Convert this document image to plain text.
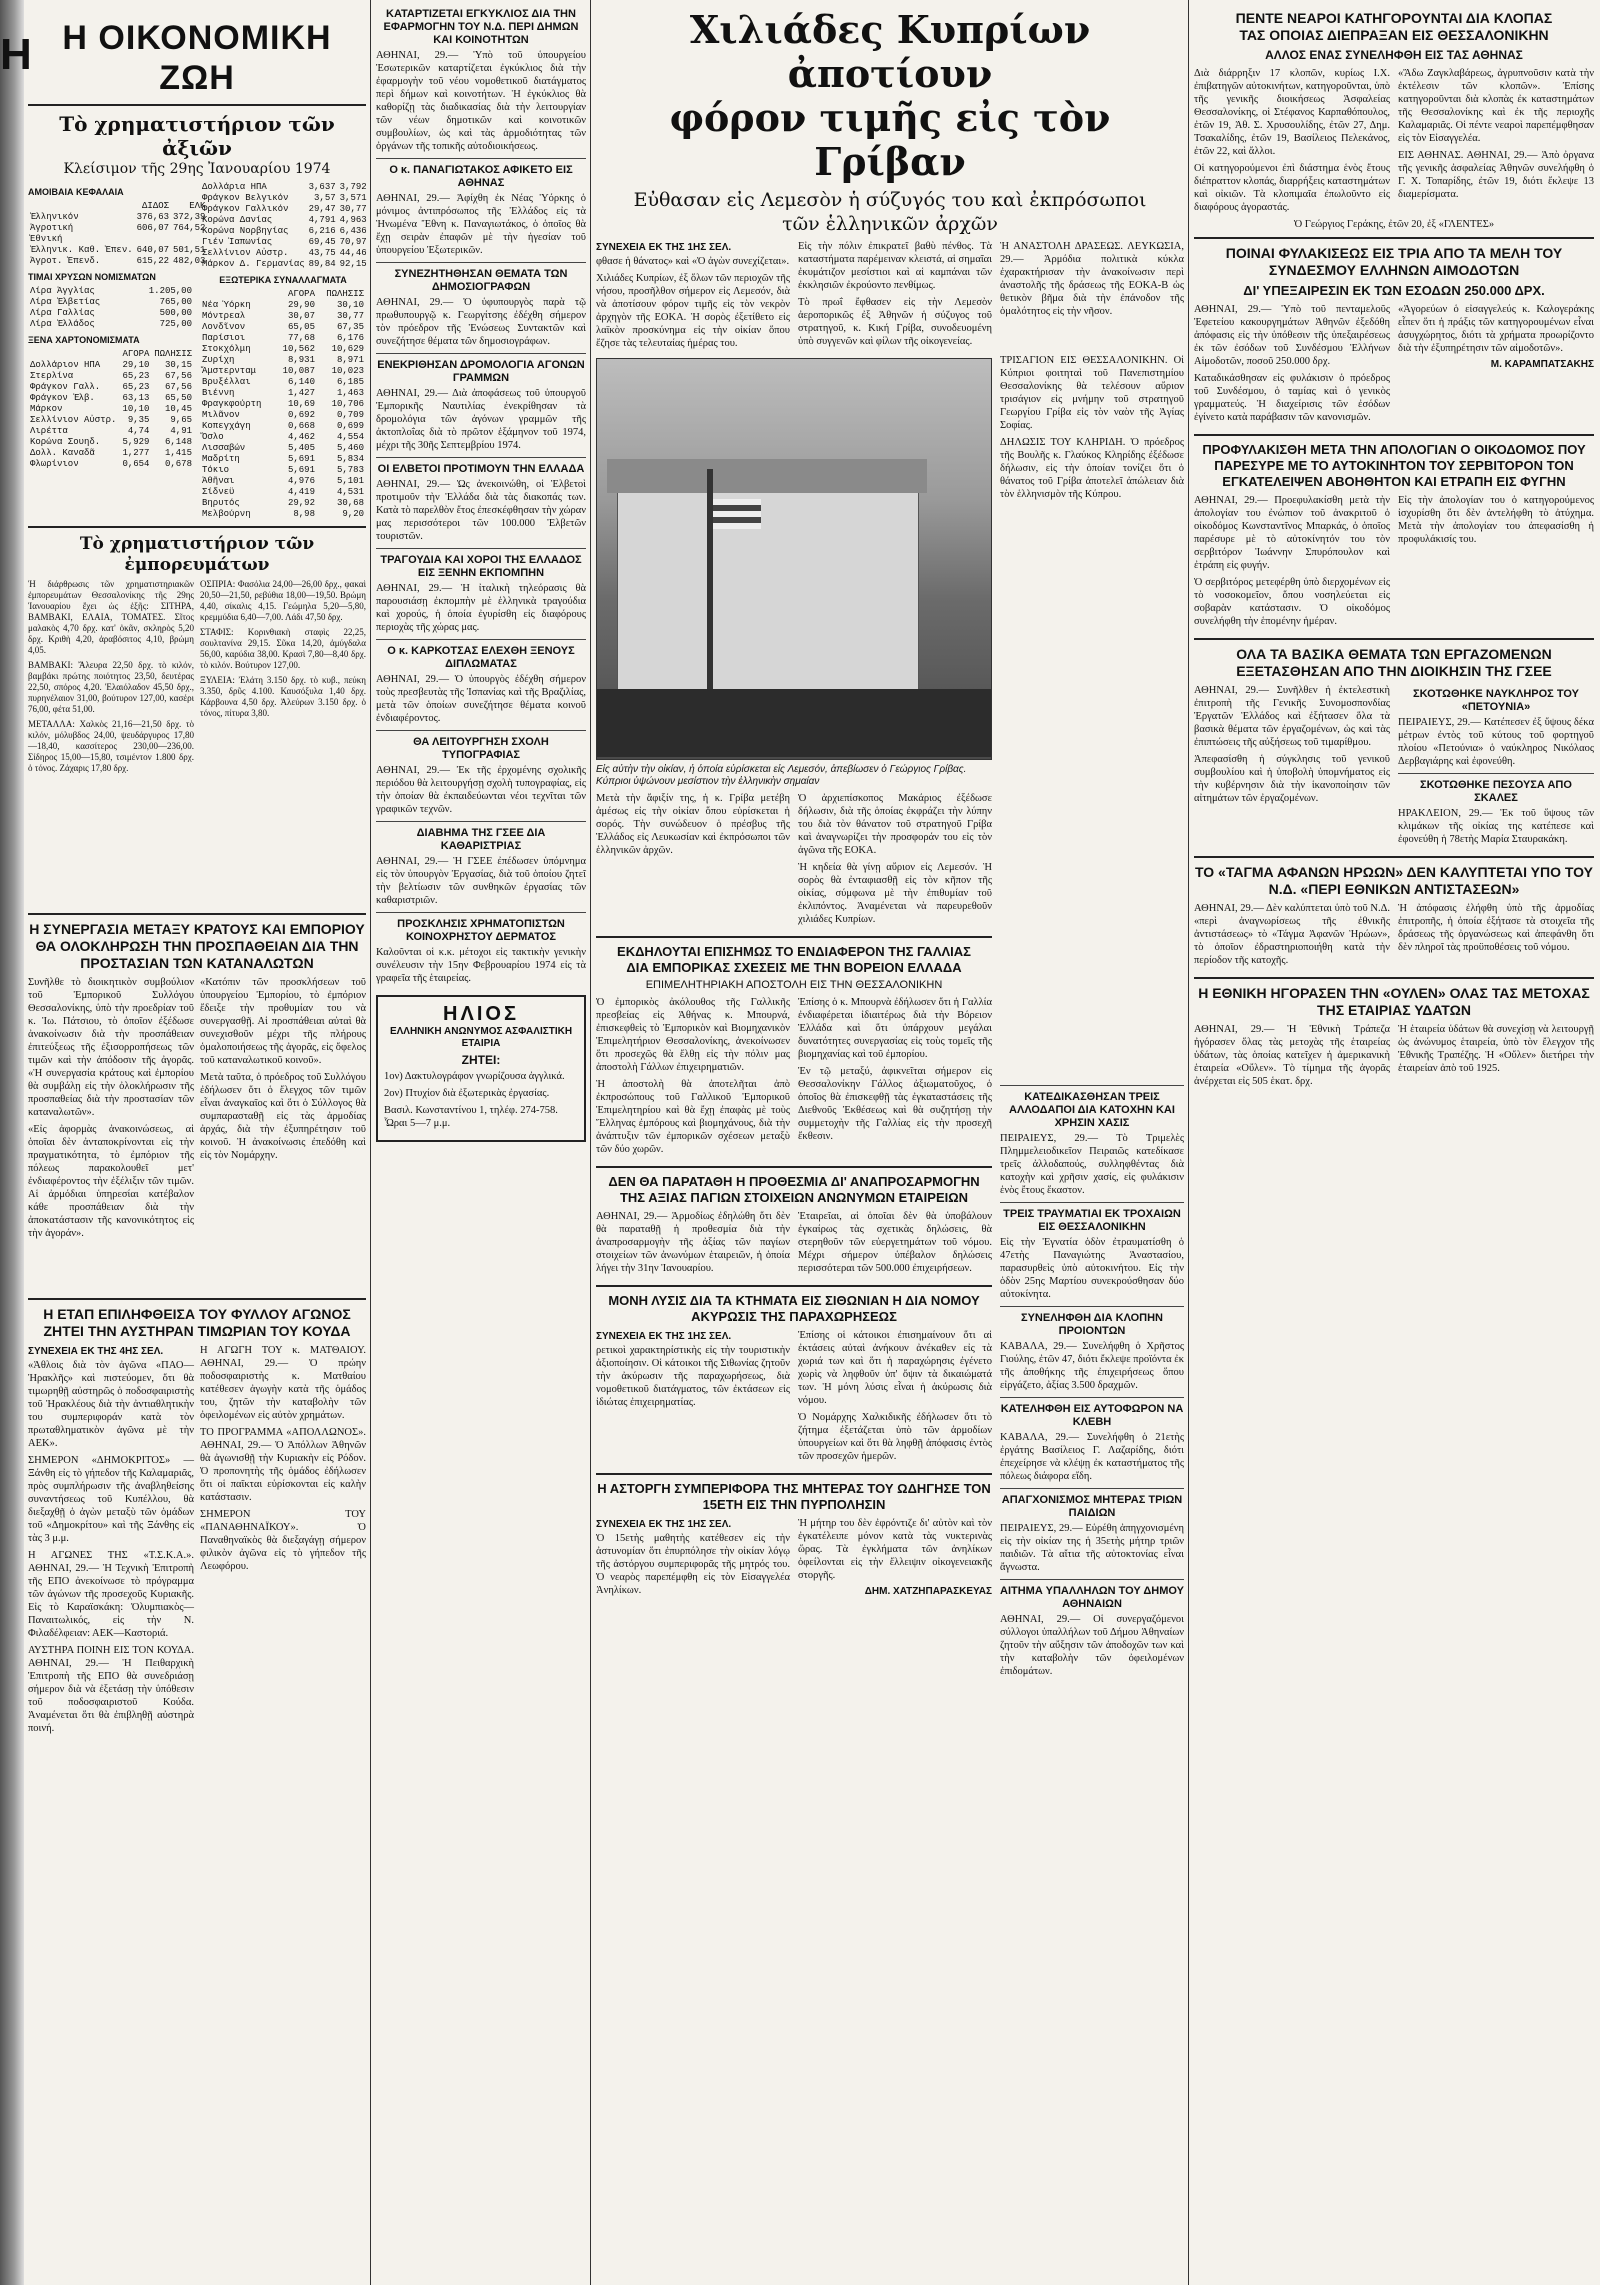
Η Η ΟΙΚΟΝΟΜΙΚΗ ΖΩΗ
Τὸ χρηματιστήριον τῶν ἀξιῶν
Κλείσιμον τῆς 29ης Ἰανουαρίου 1974
ΑΜΟΙΒΑΙΑ ΚΕΦΑΛΑΙΑ
	ΔΙΔΟΣ	ΕΛΚ
Ἑλληνικόν	376,63	372,39
Ἀγροτική	606,07	764,52
Ἐθνική		
Ἑλληνικ. Καθ. Ἐπεν.	640,07	501,51
Ἀγροτ. Ἐπενδ.	615,22	482,03
ΤΙΜΑΙ ΧΡΥΣΩΝ ΝΟΜΙΣΜΑΤΩΝ
Λίρα Ἀγγλίας	1.205,00
Λίρα Ἑλβετίας	765,00
Λίρα Γαλλίας	500,00
Λίρα Ἑλλάδος	725,00
ΞΕΝΑ ΧΑΡΤΟΝΟΜΙΣΜΑΤΑ
	ΑΓΟΡΑ	ΠΩΛΗΣΙΣ
Δολλάριον ΗΠΑ	29,10	30,15
Στερλίνα	65,23	67,56
Φράγκον Γαλλ.	65,23	67,56
Φράγκον Ἑλβ.	63,13	65,50
Μάρκον	10,10	10,45
Σελλίνιον Αὐστρ.	9,35	9,65
Λιρέττα	4,74	4,91
Κορώνα Σουηδ.	5,929	6,148
Δολλ. Καναδᾶ	1,277	1,415
Φλωρίνιον	0,654	0,678
Δολλάρια ΗΠΑ	3,637	3,792
Φράγκον Βελγικόν	3,57	3,571
Φράγκον Γαλλικόν	29,47	30,77
Κορώνα Δανίας	4,791	4,963
Κορώνα Νορβηγίας	6,216	6,436
Γιέν Ἰαπωνίας	69,45	70,97
Σελλίνιον Αὐστρ.	43,75	44,46
Μάρκον Δ. Γερμανίας	89,84	92,15
ΕΞΩΤΕΡΙΚΑ ΣΥΝΑΛΛΑΓΜΑΤΑ
	ΑΓΟΡΑ	ΠΩΛΗΣΙΣ
Νέα Ὑόρκη	29,90	30,10
Μόντρεαλ	30,07	30,77
Λονδῖνον	65,05	67,35
Παρίσιοι	77,68	6,176
Στοκχόλμη	10,562	10,629
Ζυρίχη	8,931	8,971
Ἄμστερνταμ	10,087	10,023
Βρυξέλλαι	6,140	6,185
Βιέννη	1,427	1,463
Φραγκφούρτη	10,69	10,706
Μιλᾶνον	0,692	0,709
Κοπεγχάγη	0,668	0,699
Ὄσλο	4,462	4,554
Λισσαβών	5,405	5,460
Μαδρίτη	5,691	5,834
Τόκιο	5,691	5,783
Ἀθῆναι	4,976	5,101
Σίδνεϋ	4,419	4,531
Βηρυτός	29,92	30,68
Μελβούρνη	8,98	9,20
Τὸ χρηματιστήριον τῶν ἐμπορευμάτων

Ἡ διάρθρωσις τῶν χρηματιστηριακῶν ἐμπορευμάτων Θεσσαλονίκης τῆς 29ης Ἰανουαρίου ἔχει ὡς ἑξῆς: ΣΙΤΗΡΑ, ΒΑΜΒΑΚΙ, ΕΛΑΙΑ, ΤΟΜΑΤΕΣ. Σῖτος μαλακὸς 4,70 δρχ. κατ' ὀκᾶν, σκληρὸς 5,20 δρχ. Κριθὴ 4,20, ἀραβόσιτος 4,10, βρώμη 4,05.

ΒΑΜΒΑΚΙ: Ἄλευρα 22,50 δρχ. τὸ κιλόν, βαμβάκι πρώτης ποιότητος 23,50, δευτέρας 22,50, σπόρος 4,20. Ἐλαιόλαδον 45,50 δρχ., πυρηνέλαιον 31,00, βούτυρον 127,00, κασέρι 76,00, φέτα 51,00.

ΜΕΤΑΛΛΑ: Χαλκὸς 21,16—21,50 δρχ. τὸ κιλόν, μόλυβδος 24,00, ψευδάργυρος 17,80—18,40, κασσίτερος 230,00—236,00. Σίδηρος 15,00—15,80, τσιμέντον 1.800 δρχ. ὁ τόνος. Ζάχαρις 17,80 δρχ.

ΟΣΠΡΙΑ: Φασόλια 24,00—26,00 δρχ., φακαὶ 20,50—21,50, ρεβύθια 18,00—19,50. Βρώμη 4,40, σίκαλις 4,15. Γεώμηλα 5,20—5,80, κρεμμύδια 6,40—7,00. Λάδι 47,50 δρχ.

ΣΤΑΦΙΣ: Κορινθιακὴ σταφὶς 22,25, σουλτανίνα 29,15. Σῦκα 14,20, ἀμύγδαλα 56,00, καρύδια 38,00. Κρασὶ 7,80—8,40 δρχ. τὸ κιλόν. Βούτυρον 127,00.

ΞΥΛΕΙΑ: Ἐλάτη 3.150 δρχ. τὸ κυβ., πεύκη 3.350, δρῦς 4.100. Καυσόξυλα 1,40 δρχ. Κάρβουνα 4,50 δρχ. Ἀλεύρων 3.150 δρχ. ὁ τόνος, πίτυρα 3,80.

Η ΣΥΝΕΡΓΑΣΙΑ ΜΕΤΑΞΥ ΚΡΑΤΟΥΣ ΚΑΙ ΕΜΠΟΡΙΟΥ ΘΑ ΟΛΟΚΛΗΡΩΣΗ ΤΗΝ ΠΡΟΣΠΑΘΕΙΑΝ ΔΙΑ ΤΗΝ ΠΡΟΣΤΑΣΙΑΝ ΤΩΝ ΚΑΤΑΝΑΛΩΤΩΝ

Συνῆλθε τὸ διοικητικὸν συμβούλιον τοῦ Ἐμπορικοῦ Συλλόγου Θεσσαλονίκης, ὑπὸ τὴν προεδρίαν τοῦ κ. Ἰω. Πάτσιου, τὸ ὁποῖον ἐξέδωσε ἀνακοίνωσιν διὰ τὴν προσπάθειαν ἐπιτεύξεως τῆς ἐξισορροπήσεως τῶν τιμῶν καὶ τὴν ἀπόδοσιν τῆς ἀγορᾶς. «Ἡ συνεργασία κράτους καὶ ἐμπορίου θὰ συμβάλῃ εἰς τὴν ὀλοκλήρωσιν τῆς προσπαθείας διὰ τὴν προστασίαν τῶν καταναλωτῶν».

«Εἰς ἀφορμὰς ἀνακοινώσεως, αἱ ὁποῖαι δὲν ἀνταποκρίνονται εἰς τὴν πραγματικότητα, τὸ ἐμπόριον τῆς πόλεως παρακολουθεῖ μετ' ἐνδιαφέροντος τὴν ἐξέλιξιν τῶν τιμῶν. Αἱ ἀρμόδιαι ὑπηρεσίαι κατέβαλον κάθε προσπάθειαν διὰ τὴν ἀποκατάστασιν τῆς κανονικότητος εἰς τὴν ἀγοράν».

«Κατόπιν τῶν προσκλήσεων τοῦ ὑπουργείου Ἐμπορίου, τὸ ἐμπόριον ἔδειξε τὴν προθυμίαν του νὰ συνεργασθῇ. Αἱ προσπάθειαι αὐταὶ θὰ συνεχισθοῦν μέχρι τῆς πλήρους ὁμαλοποιήσεως τῆς ἀγορᾶς, εἰς ὄφελος τοῦ καταναλωτικοῦ κοινοῦ».

Μετὰ ταῦτα, ὁ πρόεδρος τοῦ Συλλόγου ἐδήλωσεν ὅτι ὁ ἔλεγχος τῶν τιμῶν εἶναι ἀναγκαῖος καὶ ὅτι ὁ Σύλλογος θὰ συμπαρασταθῇ εἰς τὰς ἀρμοδίας ἀρχάς, διὰ τὴν ἐξυπηρέτησιν τοῦ κοινοῦ. Ἡ ἀνακοίνωσις ἐπεδόθη καὶ εἰς τὸν Νομάρχην.

Η ΕΤΑΠ ΕΠΙΛΗΦΘΕΙΣΑ ΤΟΥ ΦΥΛΛΟΥ ΑΓΩΝΟΣ ΖΗΤΕΙ ΤΗΝ ΑΥΣΤΗΡΑΝ ΤΙΜΩΡΙΑΝ ΤΟΥ ΚΟΥΔΑ
ΣΥΝΕΧΕΙΑ ΕΚ ΤΗΣ 4ΗΣ ΣΕΛ.

«Ἀθλοις διὰ τὸν ἀγῶνα «ΠΑΟ—Ἠρακλῆς» καὶ πιστεύομεν, ὅτι θὰ τιμωρηθῇ αὐστηρῶς ὁ ποδοσφαιριστὴς τοῦ Ἠρακλέους διὰ τὴν ἀντιαθλητικὴν του συμπεριφοράν κατὰ τὸν πρωταθληματικὸν ἀγῶνα μὲ τὴν ΑΕΚ».

ΣΗΜΕΡΟΝ «ΔΗΜΟΚΡΙΤΟΣ» — Ξάνθη εἰς τὸ γήπεδον τῆς Καλαμαριᾶς, πρὸς συμπλήρωσιν τῆς ἀναβληθείσης συναντήσεως τοῦ Κυπέλλου, θὰ διεξαχθῇ ὁ ἀγὼν μεταξὺ τῶν ὁμάδων τοῦ «Δημοκρίτου» καὶ τῆς Ξάνθης εἰς τὰς 3 μ.μ.

Η ΑΓΩΝΕΣ ΤΗΣ «Τ.Σ.Κ.Α.». ΑΘΗΝΑΙ, 29.— Ἡ Τεχνικὴ Ἐπιτροπὴ τῆς ΕΠΟ ἀνεκοίνωσε τὸ πρόγραμμα τῶν ἀγώνων τῆς προσεχοῦς Κυριακῆς. Εἰς τὸ Καραϊσκάκη: Ὀλυμπιακὸς—Παναιτωλικός, εἰς τὴν Ν. Φιλαδέλφειαν: ΑΕΚ—Καστοριά.

ΑΥΣΤΗΡΑ ΠΟΙΝΗ ΕΙΣ ΤΟΝ ΚΟΥΔΑ. ΑΘΗΝΑΙ, 29.— Ἡ Πειθαρχικὴ Ἐπιτροπὴ τῆς ΕΠΟ θὰ συνεδριάσῃ σήμερον διὰ νὰ ἐξετάσῃ τὴν ὑπόθεσιν τοῦ ποδοσφαιριστοῦ Κούδα. Ἀναμένεται ὅτι θὰ ἐπιβληθῇ αὐστηρὰ ποινή.

Η ΑΓΩΓΗ ΤΟΥ κ. ΜΑΤΘΑΙΟΥ. ΑΘΗΝΑΙ, 29.— Ὁ πρώην ποδοσφαιριστὴς κ. Ματθαίου κατέθεσεν ἀγωγὴν κατὰ τῆς ὁμάδος του, ζητῶν τὴν καταβολὴν τῶν ὀφειλομένων εἰς αὐτὸν χρημάτων.

ΤΟ ΠΡΟΓΡΑΜΜΑ «ΑΠΟΛΛΩΝΟΣ». ΑΘΗΝΑΙ, 29.— Ὁ Ἀπόλλων Ἀθηνῶν θὰ ἀγωνισθῇ τὴν Κυριακὴν εἰς Ρόδον. Ὁ προπονητὴς τῆς ὁμάδος ἐδήλωσεν ὅτι οἱ παῖκται εὑρίσκονται εἰς καλὴν κατάστασιν.

ΣΗΜΕΡΟΝ ΤΟΥ «ΠΑΝΑΘΗΝΑΪΚΟΥ». Ὁ Παναθηναϊκὸς θὰ διεξαγάγῃ σήμερον φιλικὸν ἀγῶνα εἰς τὸ γήπεδον τῆς Λεωφόρου.

ΚΑΤΑΡΤΙΖΕΤΑΙ ΕΓΚΥΚΛΙΟΣ ΔΙΑ ΤΗΝ ΕΦΑΡΜΟΓΗΝ ΤΟΥ Ν.Δ. ΠΕΡΙ ΔΗΜΩΝ ΚΑΙ ΚΟΙΝΟΤΗΤΩΝ

ΑΘΗΝΑΙ, 29.— Ὑπὸ τοῦ ὑπουργείου Ἐσωτερικῶν καταρτίζεται ἐγκύκλιος διὰ τὴν ἐφαρμογὴν τοῦ νέου νομοθετικοῦ διατάγματος περὶ δήμων καὶ κοινοτήτων. Ἡ ἐγκύκλιος θὰ καθορίζῃ τὰς διαδικασίας διὰ τὴν λειτουργίαν τῶν νέων δημοτικῶν καὶ κοινοτικῶν συμβουλίων, ὡς καὶ τὰς ἁρμοδιότητας τῶν ὀργάνων τῆς τοπικῆς αὐτοδιοικήσεως.

Ο κ. ΠΑΝΑΓΙΩΤΑΚΟΣ ΑΦΙΚΕΤΟ ΕΙΣ ΑΘΗΝΑΣ

ΑΘΗΝΑΙ, 29.— Ἀφίχθη ἐκ Νέας Ὑόρκης ὁ μόνιμος ἀντιπρόσωπος τῆς Ἑλλάδος εἰς τὰ Ἡνωμένα Ἔθνη κ. Παναγιωτάκος, ὁ ὁποῖος θὰ ἔχῃ σειρὰν ἐπαφῶν μὲ τὴν ἡγεσίαν τοῦ ὑπουργείου Ἐξωτερικῶν.

ΣΥΝΕΖΗΤΗΘΗΣΑΝ ΘΕΜΑΤΑ ΤΩΝ ΔΗΜΟΣΙΟΓΡΑΦΩΝ

ΑΘΗΝΑΙ, 29.— Ὁ ὑφυπουργὸς παρὰ τῷ πρωθυπουργῷ κ. Γεωργίτσης ἐδέχθη σήμερον τὸν πρόεδρον τῆς Ἑνώσεως Συντακτῶν καὶ συνεζήτησε θέματα τῶν δημοσιογράφων.

ΕΝΕΚΡΙΘΗΣΑΝ ΔΡΟΜΟΛΟΓΙΑ ΑΓΟΝΩΝ ΓΡΑΜΜΩΝ

ΑΘΗΝΑΙ, 29.— Διὰ ἀποφάσεως τοῦ ὑπουργοῦ Ἐμπορικῆς Ναυτιλίας ἐνεκρίθησαν τὰ δρομολόγια τῶν ἀγόνων γραμμῶν τῆς ἀκτοπλοΐας διὰ τὸ πρῶτον ἑξάμηνον τοῦ 1974, μέχρι τῆς 30ῆς Σεπτεμβρίου 1974.

ΟΙ ΕΛΒΕΤΟΙ ΠΡΟΤΙΜΟΥΝ ΤΗΝ ΕΛΛΑΔΑ

ΑΘΗΝΑΙ, 29.— Ὡς ἀνεκοινώθη, οἱ Ἑλβετοὶ προτιμοῦν τὴν Ἑλλάδα διὰ τὰς διακοπάς των. Κατὰ τὸ παρελθὸν ἔτος ἐπεσκέφθησαν τὴν χώραν μας περισσότεροι τῶν 100.000 Ἑλβετῶν τουριστῶν.

ΤΡΑΓΟΥΔΙΑ ΚΑΙ ΧΟΡΟΙ ΤΗΣ ΕΛΛΑΔΟΣ ΕΙΣ ΞΕΝΗΝ ΕΚΠΟΜΠΗΝ

ΑΘΗΝΑΙ, 29.— Ἡ ἰταλικὴ τηλεόρασις θὰ παρουσιάσῃ ἐκπομπὴν μὲ ἑλληνικὰ τραγούδια καὶ χορούς, ἡ ὁποία ἐγυρίσθη εἰς διαφόρους περιοχὰς τῆς χώρας μας.

Ο κ. ΚΑΡΚΟΤΣΑΣ ΕΛΕΧΘΗ ΞΕΝΟΥΣ ΔΙΠΛΩΜΑΤΑΣ

ΑΘΗΝΑΙ, 29.— Ὁ ὑπουργὸς ἐδέχθη σήμερον τοὺς πρεσβευτὰς τῆς Ἰσπανίας καὶ τῆς Βραζιλίας, μετὰ τῶν ὁποίων συνεζήτησε θέματα κοινοῦ ἐνδιαφέροντος.

ΘΑ ΛΕΙΤΟΥΡΓΗΣΗ ΣΧΟΛΗ ΤΥΠΟΓΡΑΦΙΑΣ

ΑΘΗΝΑΙ, 29.— Ἐκ τῆς ἐρχομένης σχολικῆς περιόδου θὰ λειτουργήσῃ σχολὴ τυπογραφίας, εἰς τὴν ὁποίαν θὰ ἐκπαιδεύωνται νέοι τεχνῖται τῶν γραφικῶν τεχνῶν.

ΔΙΑΒΗΜΑ ΤΗΣ ΓΣΕΕ ΔΙΑ ΚΑΘΑΡΙΣΤΡΙΑΣ

ΑΘΗΝΑΙ, 29.— Ἡ ΓΣΕΕ ἐπέδωσεν ὑπόμνημα εἰς τὸν ὑπουργὸν Ἐργασίας, διὰ τοῦ ὁποίου ζητεῖ τὴν βελτίωσιν τῶν συνθηκῶν ἐργασίας τῶν καθαριστριῶν.

ΠΡΟΣΚΛΗΣΙΣ ΧΡΗΜΑΤΟΠΙΣΤΩΝ ΚΟΙΝΟΧΡΗΣΤΟΥ ΔΕΡΜΑΤΟΣ

Καλοῦνται οἱ κ.κ. μέτοχοι εἰς τακτικὴν γενικὴν συνέλευσιν τὴν 15ην Φεβρουαρίου 1974 εἰς τὰ γραφεῖα τῆς ἑταιρείας.

ΗΛΙΟΣ
ΕΛΛΗΝΙΚΗ ΑΝΩΝΥΜΟΣ ΑΣΦΑΛΙΣΤΙΚΗ ΕΤΑΙΡΙΑ
ΖΗΤΕΙ:

1ον) Δακτυλογράφον γνωρίζουσα ἀγγλικά.

2ον) Πτυχίον διὰ ἐξωτερικὰς ἐργασίας.

Βασιλ. Κωνσταντίνου 1, τηλέφ. 274-758. Ὧραι 5—7 μ.μ.

Χιλιάδες Κυπρίων ἀποτίουν
φόρον τιμῆς εἰς τὸν Γρίβαν
Εὐθασαν εἰς Λεμεσὸν ἡ σύζυγός του καὶ ἐκπρόσωποι τῶν ἑλληνικῶν ἀρχῶν
ΣΥΝΕΧΕΙΑ ΕΚ ΤΗΣ 1ΗΣ ΣΕΛ.

φθασε ἡ θάνατος» καὶ «Ὁ ἀγὼν συνεχίζεται».

Χιλιάδες Κυπρίων, ἐξ ὅλων τῶν περιοχῶν τῆς νήσου, προσῆλθον σήμερον εἰς Λεμεσόν, διὰ νὰ ἀποτίσουν φόρον τιμῆς εἰς τὸν νεκρὸν ἀρχηγὸν τῆς ΕΟΚΑ. Ἡ σορὸς ἐξετίθετο εἰς λαϊκὸν προσκύνημα εἰς τὴν οἰκίαν ὅπου ἔζησε τὰς τελευταίας ἡμέρας του.

Εἰς τὴν πόλιν ἐπικρατεῖ βαθὺ πένθος. Τὰ καταστήματα παρέμειναν κλειστά, αἱ σημαῖαι ἐκυμάτιζον μεσίστιοι καὶ αἱ καμπάναι τῶν ἐκκλησιῶν ἐκρούοντο πενθίμως.

Τὸ πρωΐ ἔφθασεν εἰς τὴν Λεμεσὸν ἀεροπορικῶς ἐξ Ἀθηνῶν ἡ σύζυγος τοῦ στρατηγοῦ, κ. Κική Γρίβα, συνοδευομένη ὑπὸ συγγενῶν καὶ φίλων τῆς οἰκογενείας.

Ἡ ΑΝΑΣΤΟΛΗ ΔΡΑΣΕΩΣ. ΛΕΥΚΩΣΙΑ, 29.— Ἀρμόδια πολιτικὰ κύκλα ἐχαρακτήρισαν τὴν ἀνακοίνωσιν περὶ ἀναστολῆς τῆς δράσεως τῆς ΕΟΚΑ-Β ὡς θετικὸν βῆμα διὰ τὴν ἐπάνοδον τῆς ὁμαλότητος εἰς τὴν νῆσον.

Εἰς αὐτὴν τὴν οἰκίαν, ἡ ὁποία εὑρίσκεται εἰς Λεμεσόν, ἀπεβίωσεν ὁ Γεώργιος Γρίβας. Κύπριοι ὑψώνουν μεσίστιον τὴν ἑλληνικὴν σημαίαν

Μετὰ τὴν ἄφιξίν της, ἡ κ. Γρίβα μετέβη ἀμέσως εἰς τὴν οἰκίαν ὅπου εὑρίσκεται ἡ σορός. Τὴν συνώδευον ὁ πρέσβυς τῆς Ἑλλάδος εἰς Λευκωσίαν καὶ ἐκπρόσωποι τῶν ἑλληνικῶν ἀρχῶν.

Ὁ ἀρχιεπίσκοπος Μακάριος ἐξέδωσε δήλωσιν, διὰ τῆς ὁποίας ἐκφράζει τὴν λύπην του διὰ τὸν θάνατον τοῦ στρατηγοῦ Γρίβα καὶ ἀναγνωρίζει τὴν προσφοράν του εἰς τὸν ἀγῶνα τῆς ΕΟΚΑ.

Ἡ κηδεία θὰ γίνῃ αὔριον εἰς Λεμεσόν. Ἡ σορὸς θὰ ἐνταφιασθῇ εἰς τὸν κῆπον τῆς οἰκίας, σύμφωνα μὲ τὴν ἐπιθυμίαν τοῦ ἐκλιπόντος. Ἀναμένεται νὰ παρευρεθοῦν χιλιάδες Κυπρίων.

ΤΡΙΣΑΓΙΟΝ ΕΙΣ ΘΕΣΣΑΛΟΝΙΚΗΝ. Οἱ Κύπριοι φοιτηταὶ τοῦ Πανεπιστημίου Θεσσαλονίκης θὰ τελέσουν αὔριον τρισάγιον εἰς μνήμην τοῦ στρατηγοῦ Γεωργίου Γρίβα εἰς τὸν ναὸν τῆς Ἁγίας Σοφίας.

ΔΗΛΩΣΙΣ ΤΟΥ ΚΛΗΡΙΔΗ. Ὁ πρόεδρος τῆς Βουλῆς κ. Γλαύκος Κληρίδης ἐξέδωσε δήλωσιν, εἰς τὴν ὁποίαν τονίζει ὅτι ὁ θάνατος τοῦ Γρίβα ἀποτελεῖ ἀπώλειαν διὰ τὸν ἑλληνισμὸν τῆς Κύπρου.

ΕΚΔΗΛΟΥΤΑΙ ΕΠΙΣΗΜΩΣ ΤΟ ΕΝΔΙΑΦΕΡΟΝ ΤΗΣ ΓΑΛΛΙΑΣ
ΔΙΑ ΕΜΠΟΡΙΚΑΣ ΣΧΕΣΕΙΣ ΜΕ ΤΗΝ ΒΟΡΕΙΟΝ ΕΛΛΑΔΑ
ΕΠΙΜΕΛΗΤΗΡΙΑΚΗ ΑΠΟΣΤΟΛΗ ΕΙΣ ΤΗΝ ΘΕΣΣΑΛΟΝΙΚΗΝ

Ὁ ἐμπορικὸς ἀκόλουθος τῆς Γαλλικῆς πρεσβείας εἰς Ἀθήνας κ. Μπουρνά, ἐπισκεφθεὶς τὸ Ἐμπορικὸν καὶ Βιομηχανικὸν Ἐπιμελητήριον Θεσσαλονίκης, ἀνεκοίνωσεν ὅτι προσεχῶς θὰ ἔλθῃ εἰς τὴν πόλιν μας ἀποστολὴ Γάλλων ἐπιχειρηματιῶν.

Ἡ ἀποστολὴ θὰ ἀποτελῆται ἀπὸ ἐκπροσώπους τοῦ Γαλλικοῦ Ἐμπορικοῦ Ἐπιμελητηρίου καὶ θὰ ἔχῃ ἐπαφὰς μὲ τοὺς Ἕλληνας ἐμπόρους καὶ βιομηχάνους, διὰ τὴν ἀνάπτυξιν τῶν ἐμπορικῶν σχέσεων μεταξὺ τῶν δύο χωρῶν.

Ἐπίσης ὁ κ. Μπουρνὰ ἐδήλωσεν ὅτι ἡ Γαλλία ἐνδιαφέρεται ἰδιαιτέρως διὰ τὴν Βόρειον Ἑλλάδα καὶ ὅτι ὑπάρχουν μεγάλαι δυνατότητες συνεργασίας εἰς τοὺς τομεῖς τῆς βιομηχανίας καὶ τοῦ ἐμπορίου.

Ἐν τῷ μεταξύ, ἀφικνεῖται σήμερον εἰς Θεσσαλονίκην Γάλλος ἀξιωματοῦχος, ὁ ὁποῖος θὰ ἐπισκεφθῇ τὰς ἐγκαταστάσεις τῆς Διεθνοῦς Ἐκθέσεως καὶ θὰ συζητήσῃ τὴν συμμετοχὴν τῆς Γαλλίας εἰς τὴν προσεχῆ ἔκθεσιν.

ΔΕΝ ΘΑ ΠΑΡΑΤΑΘΗ Η ΠΡΟΘΕΣΜΙΑ ΔΙ' ΑΝΑΠΡΟΣΑΡΜΟΓΗΝ ΤΗΣ ΑΞΙΑΣ ΠΑΓΙΩΝ ΣΤΟΙΧΕΙΩΝ ΑΝΩΝΥΜΩΝ ΕΤΑΙΡΕΙΩΝ

ΑΘΗΝΑΙ, 29.— Ἀρμοδίως ἐδηλώθη ὅτι δὲν θὰ παραταθῇ ἡ προθεσμία διὰ τὴν ἀναπροσαρμογὴν τῆς ἀξίας τῶν παγίων στοιχείων τῶν ἀνωνύμων ἑταιρειῶν, ἡ ὁποία λήγει τὴν 31ην Ἰανουαρίου.

Ἑταιρεῖαι, αἱ ὁποῖαι δὲν θὰ ὑποβάλουν ἐγκαίρως τὰς σχετικὰς δηλώσεις, θὰ στερηθοῦν τῶν εὐεργετημάτων τοῦ νόμου. Μέχρι σήμερον ὑπέβαλον δηλώσεις περισσότεραι τῶν 500.000 ἐπιχειρήσεων.

ΜΟΝΗ ΛΥΣΙΣ ΔΙΑ ΤΑ ΚΤΗΜΑΤΑ ΕΙΣ ΣΙΘΩΝΙΑΝ Η ΔΙΑ ΝΟΜΟΥ ΑΚΥΡΩΣΙΣ ΤΗΣ ΠΑΡΑΧΩΡΗΣΕΩΣ
ΣΥΝΕΧΕΙΑ ΕΚ ΤΗΣ 1ΗΣ ΣΕΛ.

ρετικοὶ χαρακτηρίστικὴς εἰς τὴν τουριστικὴν ἀξιοποίησιν. Οἱ κάτοικοι τῆς Σιθωνίας ζητοῦν τὴν ἀκύρωσιν τῆς παραχωρήσεως, διὰ νομοθετικοῦ διατάγματος, τῶν ἐκτάσεων εἰς ἰδιώτας ἐπιχειρηματίας.

Ἐπίσης οἱ κάτοικοι ἐπισημαίνουν ὅτι αἱ ἐκτάσεις αὐταὶ ἀνήκουν ἀνέκαθεν εἰς τὰ χωριά των καὶ ὅτι ἡ παραχώρησις ἐγένετο χωρὶς νὰ ληφθοῦν ὑπ' ὄψιν τὰ δικαιώματά των. Ἡ μόνη λύσις εἶναι ἡ ἀκύρωσις διὰ νόμου.

Ὁ Νομάρχης Χαλκιδικῆς ἐδήλωσεν ὅτι τὸ ζήτημα ἐξετάζεται ὑπὸ τῶν ἀρμοδίων ὑπουργείων καὶ ὅτι θὰ ληφθῇ ἀπόφασις ἐντὸς τῶν προσεχῶν ἡμερῶν.

Η ΑΣΤΟΡΓΗ ΣΥΜΠΕΡΙΦΟΡΑ ΤΗΣ ΜΗΤΕΡΑΣ ΤΟΥ ΩΔΗΓΗΣΕ ΤΟΝ 15ΕΤΗ ΕΙΣ ΤΗΝ ΠΥΡΠΟΛΗΣΙΝ
ΣΥΝΕΧΕΙΑ ΕΚ ΤΗΣ 1ΗΣ ΣΕΛ.

Ὁ 15ετὴς μαθητὴς κατέθεσεν εἰς τὴν ἀστυνομίαν ὅτι ἐπυρπόλησε τὴν οἰκίαν λόγῳ τῆς ἀστόργου συμπεριφορᾶς τῆς μητρός του. Ὁ νεαρὸς παρεπέμφθη εἰς τὸν Εἰσαγγελέα Ἀνηλίκων.

Ἡ μήτηρ του δὲν ἐφρόντιζε δι' αὐτὸν καὶ τὸν ἐγκατέλειπε μόνον κατὰ τὰς νυκτερινὰς ὥρας. Τὰ ἐγκλήματα τῶν ἀνηλίκων ὀφείλονται εἰς τὴν ἔλλειψιν οἰκογενειακῆς στοργῆς.

ΔΗΜ. ΧΑΤΖΗΠΑΡΑΣΚΕΥΑΣ
ΚΑΤΕΔΙΚΑΣΘΗΣΑΝ ΤΡΕΙΣ ΑΛΛΟΔΑΠΟΙ ΔΙΑ ΚΑΤΟΧΗΝ ΚΑΙ ΧΡΗΣΙΝ ΧΑΣΙΣ

ΠΕΙΡΑΙΕΥΣ, 29.— Τὸ Τριμελὲς Πλημμελειοδικεῖον Πειραιῶς κατεδίκασε τρεῖς ἀλλοδαπούς, συλληφθέντας διὰ κατοχὴν καὶ χρῆσιν χασίς, εἰς φυλάκισιν ἑνὸς ἔτους ἕκαστον.

ΤΡΕΙΣ ΤΡΑΥΜΑΤΙΑΙ ΕΚ ΤΡΟΧΑΙΩΝ ΕΙΣ ΘΕΣΣΑΛΟΝΙΚΗΝ

Εἰς τὴν Ἐγνατία ὁδὸν ἐτραυματίσθη ὁ 47ετὴς Παναγιώτης Ἀναστασίου, παρασυρθεὶς ὑπὸ αὐτοκινήτου. Εἰς τὴν ὁδὸν 25ης Μαρτίου συνεκρούσθησαν δύο αὐτοκίνητα.

ΣΥΝΕΛΗΦΘΗ ΔΙΑ ΚΛΟΠΗΝ ΠΡΟΙΟΝΤΩΝ

ΚΑΒΑΛΑ, 29.— Συνελήφθη ὁ Χρῆστος Γιούλης, ἐτῶν 47, διότι ἔκλεψε προϊόντα ἐκ τῆς ἀποθήκης τῆς ἐπιχειρήσεως ὅπου εἰργάζετο, ἀξίας 3.500 δραχμῶν.

ΚΑΤΕΛΗΦΘΗ ΕΙΣ ΑΥΤΟΦΩΡΟΝ ΝΑ ΚΛΕΒΗ

ΚΑΒΑΛΑ, 29.— Συνελήφθη ὁ 21ετὴς ἐργάτης Βασίλειος Γ. Λαζαρίδης, διότι ἐπεχείρησε νὰ κλέψῃ ἐκ καταστήματος τῆς πόλεως διάφορα εἴδη.

ΑΠΑΓΧΟΝΙΣΜΟΣ ΜΗΤΕΡΑΣ ΤΡΙΩΝ ΠΑΙΔΙΩΝ

ΠΕΙΡΑΙΕΥΣ, 29.— Εὑρέθη ἀπηγχονισμένη εἰς τὴν οἰκίαν της ἡ 35ετὴς μήτηρ τριῶν παιδιῶν. Τὰ αἴτια τῆς αὐτοκτονίας εἶναι ἄγνωστα.

ΑΙΤΗΜΑ ΥΠΑΛΛΗΛΩΝ ΤΟΥ ΔΗΜΟΥ ΑΘΗΝΑΙΩΝ

ΑΘΗΝΑΙ, 29.— Οἱ συνεργαζόμενοι σύλλογοι ὑπαλλήλων τοῦ Δήμου Ἀθηναίων ζητοῦν τὴν αὔξησιν τῶν ἀποδοχῶν των καὶ τὴν καταβολὴν τῶν ὀφειλομένων ἐπιδομάτων.

ΠΕΝΤΕ ΝΕΑΡΟΙ ΚΑΤΗΓΟΡΟΥΝΤΑΙ ΔΙΑ ΚΛΟΠΑΣ
ΤΑΣ ΟΠΟΙΑΣ ΔΙΕΠΡΑΞΑΝ ΕΙΣ ΘΕΣΣΑΛΟΝΙΚΗΝ
ΑΛΛΟΣ ΕΝΑΣ ΣΥΝΕΛΗΦΘΗ ΕΙΣ ΤΑΣ ΑΘΗΝΑΣ

Διὰ διάρρηξιν 17 κλοπῶν, κυρίως Ι.Χ. ἐπιβατηγῶν αὐτοκινήτων, κατηγοροῦνται, ὑπὸ τῆς γενικῆς διοικήσεως Ἀσφαλείας Θεσσαλονίκης, οἱ Στέφανος Καρπαθόπουλος, ἐτῶν 19, Ἀθ. Σ. Χρυσουλίδης, ἐτῶν 27, Δημ. Τσακαλίδης, ἐτῶν 19, Βασίλειος Πελεκάνος, ἐτῶν 22, καὶ ἄλλοι.

Οἱ κατηγορούμενοι ἐπὶ διάστημα ἑνὸς ἔτους διέπραττον κλοπάς, διαρρήξεις καταστημάτων καὶ οἰκιῶν. Τὰ κλοπιμαῖα ἐπωλοῦντο εἰς διαφόρους ἀγοραστάς.

«Ἄδω Ζαγκλαβάρεως, ἀγρυπνοῦσιν κατὰ τὴν ἐκτέλεσιν τῶν κλοπῶν». Ἐπίσης κατηγοροῦνται διὰ κλοπὰς ἐκ καταστημάτων τῆς Θεσσαλονίκης καὶ ἐκ τῆς περιοχῆς Καλαμαριᾶς. Οἱ πέντε νεαροὶ παρεπέμφθησαν εἰς τὸν Εἰσαγγελέα.

ΕΙΣ ΑΘΗΝΑΣ. ΑΘΗΝΑΙ, 29.— Ἀπὸ ὀργανα τῆς γενικῆς ἀσφαλείας Ἀθηνῶν συνελήφθη ὁ Γ. Χ. Τοπαρίδης, ἐτῶν 19, διότι ἔκλεψε 13 διαμερίσματα.

Ὁ Γεώργιος Γεράκης, ἐτῶν 20, ἐξ «ΓΛΕΝΤΕΣ»
ΠΟΙΝΑΙ ΦΥΛΑΚΙΣΕΩΣ ΕΙΣ ΤΡΙΑ ΑΠΟ ΤΑ ΜΕΛΗ ΤΟΥ ΣΥΝΔΕΣΜΟΥ ΕΛΛΗΝΩΝ ΑΙΜΟΔΟΤΩΝ
ΔΙ' ΥΠΕΞΑΙΡΕΣΙΝ ΕΚ ΤΩΝ ΕΣΟΔΩΝ 250.000 ΔΡΧ.

ΑΘΗΝΑΙ, 29.— Ὑπὸ τοῦ πενταμελοῦς Ἐφετείου κακουργημάτων Ἀθηνῶν ἐξεδόθη ἀπόφασις εἰς τὴν ὑπόθεσιν τῆς ὑπεξαιρέσεως ἐκ τῶν ἐσόδων τοῦ Συνδέσμου Ἑλλήνων Αἱμοδοτῶν, ποσοῦ 250.000 δρχ.

Καταδικάσθησαν εἰς φυλάκισιν ὁ πρόεδρος τοῦ Συνδέσμου, ὁ ταμίας καὶ ὁ γενικὸς γραμματεύς. Ἡ διαχείρισις τῶν ἐσόδων ἐγίνετο κατὰ παράβασιν τῶν κανονισμῶν.

«Ἀγορεύων ὁ εἰσαγγελεύς κ. Καλογεράκης εἶπεν ὅτι ἡ πράξις τῶν κατηγορουμένων εἶναι ἀσυγχώρητος, διότι τὰ χρήματα προωρίζοντο διὰ τὴν ἐξυπηρέτησιν τῶν αἱμοδοτῶν».

Μ. ΚΑΡΑΜΠΑΤΣΑΚΗΣ
ΠΡΟΦΥΛΑΚΙΣΘΗ ΜΕΤΑ ΤΗΝ ΑΠΟΛΟΓΙΑΝ Ο ΟΙΚΟΔΟΜΟΣ ΠΟΥ ΠΑΡΕΣΥΡΕ ΜΕ ΤΟ ΑΥΤΟΚΙΝΗΤΟΝ ΤΟΥ ΣΕΡΒΙΤΟΡΟΝ ΤΟΝ ΕΓΚΑΤΕΛΕΙΨΕΝ ΑΒΟΗΘΗΤΟΝ ΚΑΙ ΕΤΡΑΠΗ ΕΙΣ ΦΥΓΗΝ

ΑΘΗΝΑΙ, 29.— Προεφυλακίσθη μετὰ τὴν ἀπολογίαν του ἐνώπιον τοῦ ἀνακριτοῦ ὁ οἰκοδόμος Κωνσταντῖνος Μπαρκάς, ὁ ὁποῖος παρέσυρε μὲ τὸ αὐτοκίνητόν του τὸν σερβιτόρον Ἰωάννην Σπυρόπουλον καὶ ἐτράπη εἰς φυγήν.

Ὁ σερβιτόρος μετεφέρθη ὑπὸ διερχομένων εἰς τὸ νοσοκομεῖον, ὅπου νοσηλεύεται εἰς σοβαρὰν κατάστασιν. Ὁ οἰκοδόμος συνελήφθη τὴν ἑπομένην ἡμέραν.

Εἰς τὴν ἀπολογίαν του ὁ κατηγορούμενος ἰσχυρίσθη ὅτι δὲν ἀντελήφθη τὸ ἀτύχημα. Μετὰ τὴν ἀπολογίαν του ἀπεφασίσθη ἡ προφυλάκισίς του.

ΟΛΑ ΤΑ ΒΑΣΙΚΑ ΘΕΜΑΤΑ ΤΩΝ ΕΡΓΑΖΟΜΕΝΩΝ ΕΞΕΤΑΣΘΗΣΑΝ ΑΠΟ ΤΗΝ ΔΙΟΙΚΗΣΙΝ ΤΗΣ ΓΣΕΕ

ΑΘΗΝΑΙ, 29.— Συνῆλθεν ἡ ἐκτελεστικὴ ἐπιτροπὴ τῆς Γενικῆς Συνομοσπονδίας Ἐργατῶν Ἑλλάδος καὶ ἐξήτασεν ὅλα τὰ βασικὰ θέματα τῶν ἐργαζομένων, ὡς καὶ τὰς ἐπιπτώσεις τῆς αὐξήσεως τοῦ τιμαρίθμου.

Ἀπεφασίσθη ἡ σύγκλησις τοῦ γενικοῦ συμβουλίου καὶ ἡ ὑποβολὴ ὑπομνήματος εἰς τὴν κυβέρνησιν διὰ τὴν ἱκανοποίησιν τῶν αἰτημάτων τῶν ἐργαζομένων.

ΣΚΟΤΩΘΗΚΕ ΝΑΥΚΛΗΡΟΣ ΤΟΥ «ΠΕΤΟΥΝΙΑ»

ΠΕΙΡΑΙΕΥΣ, 29.— Κατέπεσεν ἐξ ὕψους δέκα μέτρων ἐντὸς τοῦ κύτους τοῦ φορτηγοῦ πλοίου «Πετούνια» ὁ ναύκληρος Νικόλαος Δερβαγιάρης καὶ ἐφονεύθη.

ΣΚΟΤΩΘΗΚΕ ΠΕΣΟΥΣΑ ΑΠΟ ΣΚΑΛΕΣ

ΗΡΑΚΛΕΙΟΝ, 29.— Ἐκ τοῦ ὕψους τῶν κλιμάκων τῆς οἰκίας της κατέπεσε καὶ ἐφονεύθη ἡ 78ετὴς Μαρία Σταυρακάκη.

ΤΟ «ΤΑΓΜΑ ΑΦΑΝΩΝ ΗΡΩΩΝ» ΔΕΝ ΚΑΛΥΠΤΕΤΑΙ ΥΠΟ ΤΟΥ Ν.Δ. «ΠΕΡΙ ΕΘΝΙΚΩΝ ΑΝΤΙΣΤΑΣΕΩΝ»

ΑΘΗΝΑΙ, 29.— Δὲν καλύπτεται ὑπὸ τοῦ Ν.Δ. «περὶ ἀναγνωρίσεως τῆς ἐθνικῆς ἀντιστάσεως» τὸ «Τάγμα Ἀφανῶν Ἡρώων», τὸ ὁποῖον ἐδραστηριοποιήθη κατὰ τὴν περίοδον τῆς κατοχῆς.

Ἡ ἀπόφασις ἐλήφθη ὑπὸ τῆς ἀρμοδίας ἐπιτροπῆς, ἡ ὁποία ἐξήτασε τὰ στοιχεῖα τῆς δράσεως τῆς ὀργανώσεως καὶ ἀπεφάνθη ὅτι δὲν πληροῖ τὰς προϋποθέσεις τοῦ νόμου.

Η ΕΘΝΙΚΗ ΗΓΟΡΑΣΕΝ ΤΗΝ «ΟΥΛΕΝ» ΟΛΑΣ ΤΑΣ ΜΕΤΟΧΑΣ ΤΗΣ ΕΤΑΙΡΙΑΣ ΥΔΑΤΩΝ

ΑΘΗΝΑΙ, 29.— Ἡ Ἐθνικὴ Τράπεζα ἠγόρασεν ὅλας τὰς μετοχὰς τῆς ἑταιρείας ὑδάτων, τὰς ὁποίας κατεῖχεν ἡ ἀμερικανικὴ ἑταιρεία «Οὔλεν». Τὸ τίμημα τῆς ἀγορᾶς ἀνέρχεται εἰς 505 ἑκατ. δρχ.

Ἡ ἑταιρεία ὑδάτων θὰ συνεχίσῃ νὰ λειτουργῇ ὡς ἀνώνυμος ἑταιρεία, ὑπὸ τὸν ἔλεγχον τῆς Ἐθνικῆς Τραπέζης. Ἡ «Οὔλεν» διετήρει τὴν ἑταιρείαν ἀπὸ τοῦ 1925.
